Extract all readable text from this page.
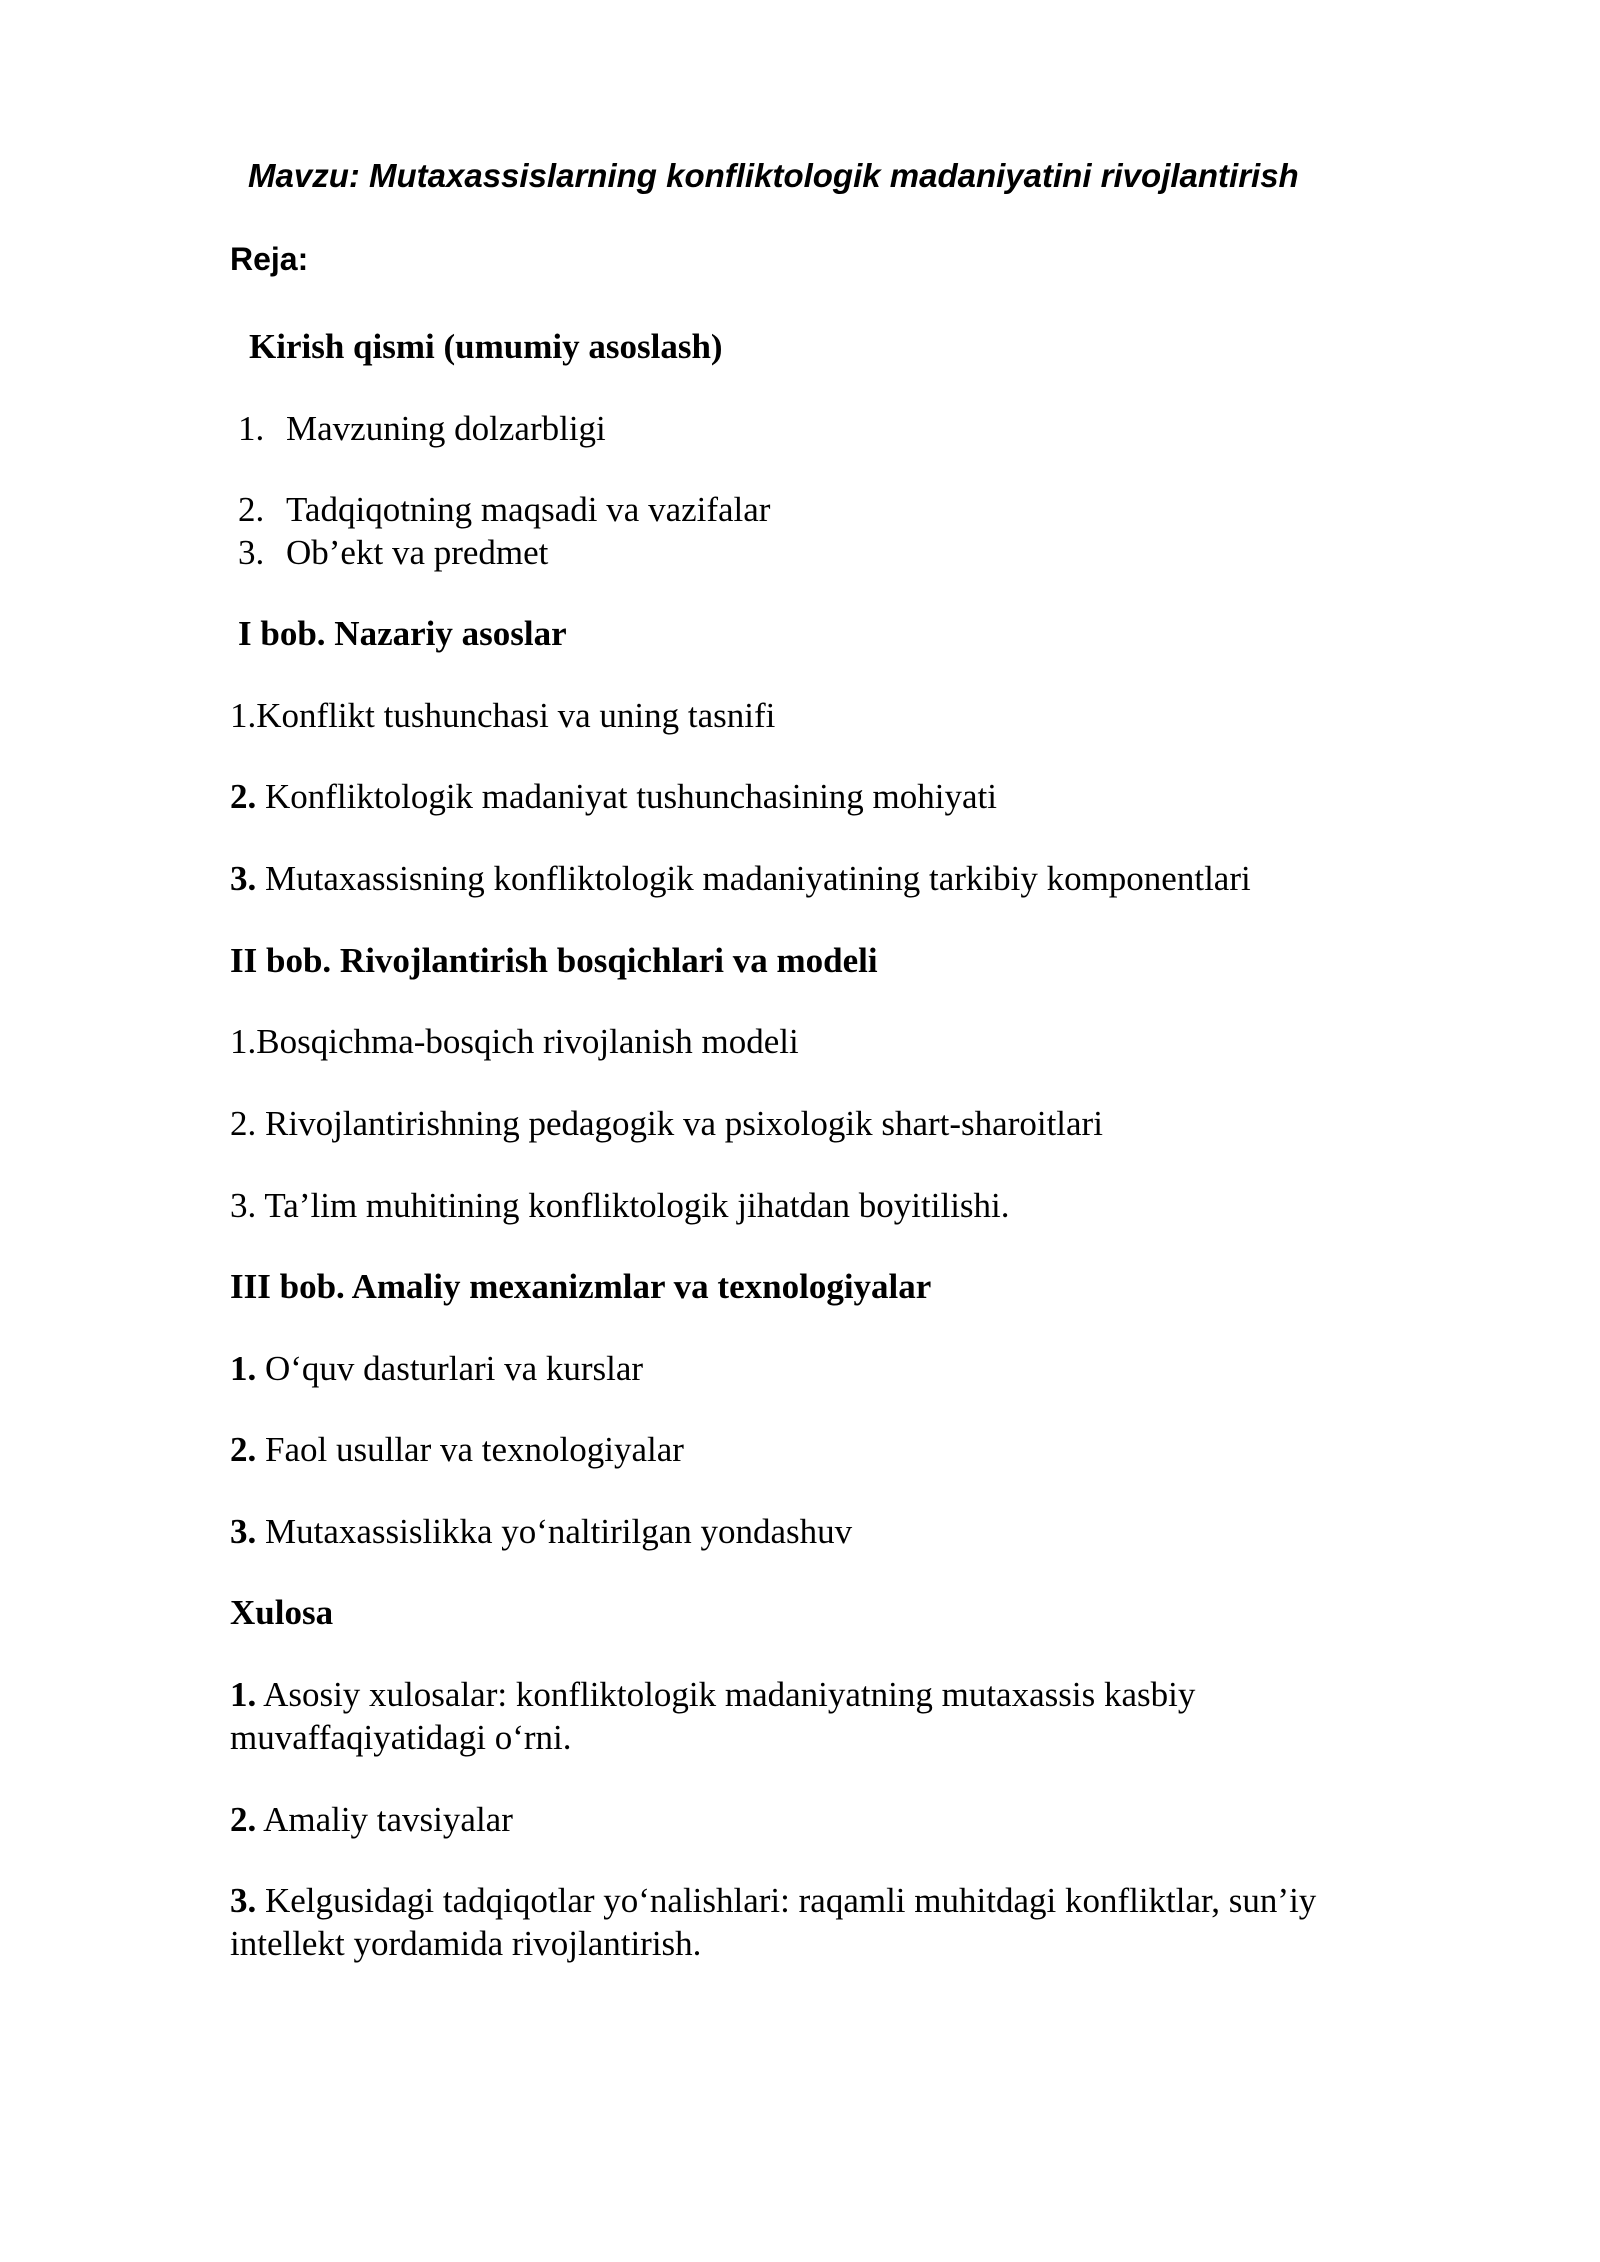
Mavzu: Mutaxassislarning konfliktologik madaniyatini rivojlantirish
Reja:
Kirish qismi (umumiy asoslash)
1. Mavzuning dolzarbligi
2. Tadqiqotning maqsadi va vazifalar
3. Ob’ekt va predmet
I bob. Nazariy asoslar
1.Konflikt tushunchasi va uning tasnifi
2. Konfliktologik madaniyat tushunchasining mohiyati
3. Mutaxassisning konfliktologik madaniyatining tarkibiy komponentlari
II bob. Rivojlantirish bosqichlari va modeli
1.Bosqichma-bosqich rivojlanish modeli
2. Rivojlantirishning pedagogik va psixologik shart-sharoitlari
3. Ta’lim muhitining konfliktologik jihatdan boyitilishi.
III bob. Amaliy mexanizmlar va texnologiyalar
1. O‘quv dasturlari va kurslar
2. Faol usullar va texnologiyalar
3. Mutaxassislikka yo‘naltirilgan yondashuv
Xulosa
1. Asosiy xulosalar: konfliktologik madaniyatning mutaxassis kasbiy
muvaffaqiyatidagi o‘rni.
2. Amaliy tavsiyalar
3. Kelgusidagi tadqiqotlar yo‘nalishlari: raqamli muhitdagi konfliktlar, sun’iy
intellekt yordamida rivojlantirish.
